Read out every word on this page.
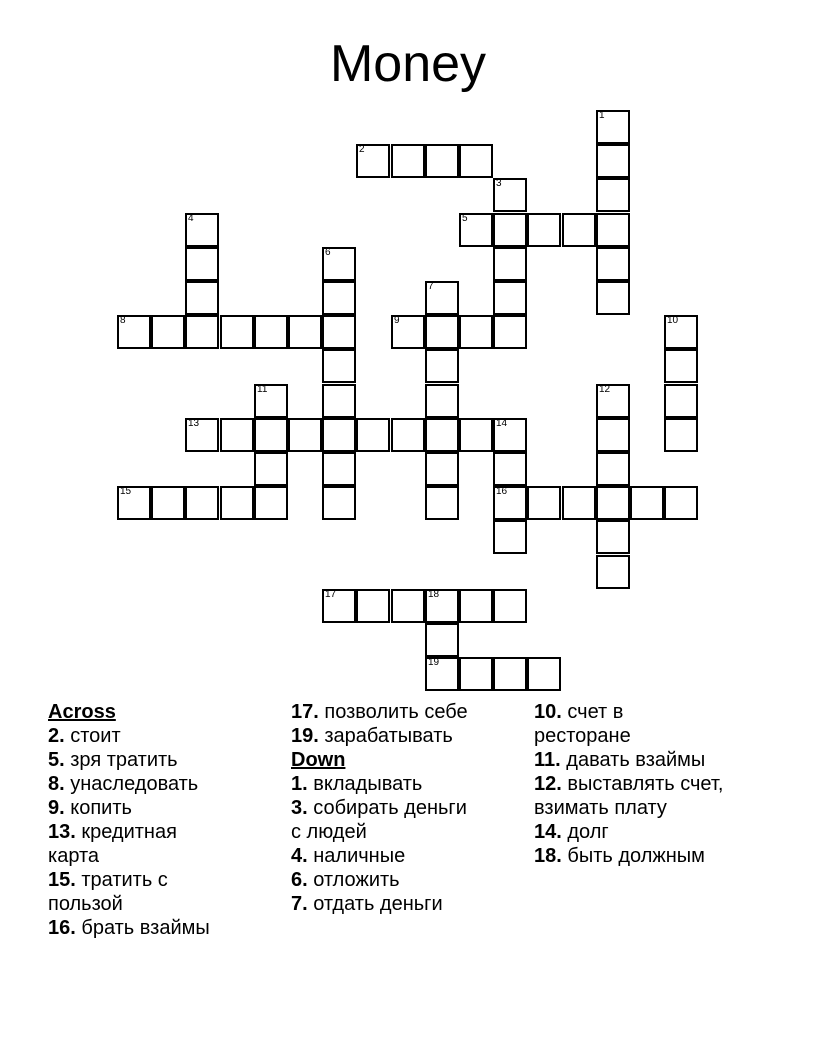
Money
1
2
3
4	5
6
7
8	9	10
11	12
13	14
16
15
17	18
19

Across

2. стоит
5. зря тратить
8. унаследовать
9. копить
13. кредитная карта
15. тратить с пользой
16. брать взаймы
17. позволить себе
19. зарабатывать

Down

1. вкладывать
3. собирать деньги с людей
4. наличные
6. отложить
7. отдать деньги
10. счет в ресторане
11. давать взаймы
12. выставлять счет, взимать плату
14. долг
18. быть должным
